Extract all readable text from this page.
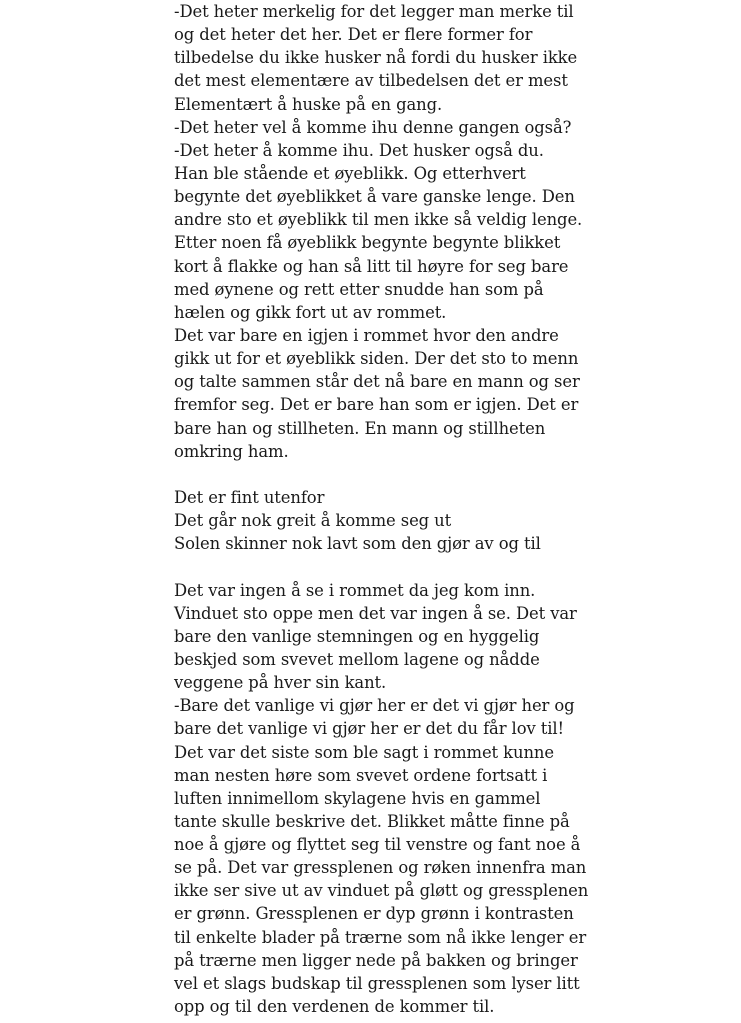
-Det heter merkelig for det legger man merke til
og det heter det her. Det er flere former for
tilbedelse du ikke husker nå fordi du husker ikke
det mest elementære av tilbedelsen det er mest
Elementært å huske på en gang.
-Det heter vel å komme ihu denne gangen også?
-Det heter å komme ihu. Det husker også du.
Han ble stående et øyeblikk. Og etterhvert
begynte det øyeblikket å vare ganske lenge. Den
andre sto et øyeblikk til men ikke så veldig lenge.
Etter noen få øyeblikk begynte begynte blikket
kort å flakke og han så litt til høyre for seg bare
med øynene og rett etter snudde han som på
hælen og gikk fort ut av rommet.
Det var bare en igjen i rommet hvor den andre
gikk ut for et øyeblikk siden. Der det sto to menn
og talte sammen står det nå bare en mann og ser
fremfor seg. Det er bare han som er igjen. Det er
bare han og stillheten. En mann og stillheten
omkring ham.
Det er fint utenfor
Det går nok greit å komme seg ut
Solen skinner nok lavt som den gjør av og til
Det var ingen å se i rommet da jeg kom inn.
Vinduet sto oppe men det var ingen å se. Det var
bare den vanlige stemningen og en hyggelig
beskjed som svevet mellom lagene og nådde
veggene på hver sin kant.
-Bare det vanlige vi gjør her er det vi gjør her og
bare det vanlige vi gjør her er det du får lov til!
Det var det siste som ble sagt i rommet kunne
man nesten høre som svevet ordene fortsatt i
luften innimellom skylagene hvis en gammel
tante skulle beskrive det. Blikket måtte finne på
noe å gjøre og flyttet seg til venstre og fant noe å
se på. Det var gressplenen og røken innenfra man
ikke ser sive ut av vinduet på gløtt og gressplenen
er grønn. Gressplenen er dyp grønn i kontrasten
til enkelte blader på trærne som nå ikke lenger er
på trærne men ligger nede på bakken og bringer
vel et slags budskap til gressplenen som lyser litt
opp og til den verdenen de kommer til.
